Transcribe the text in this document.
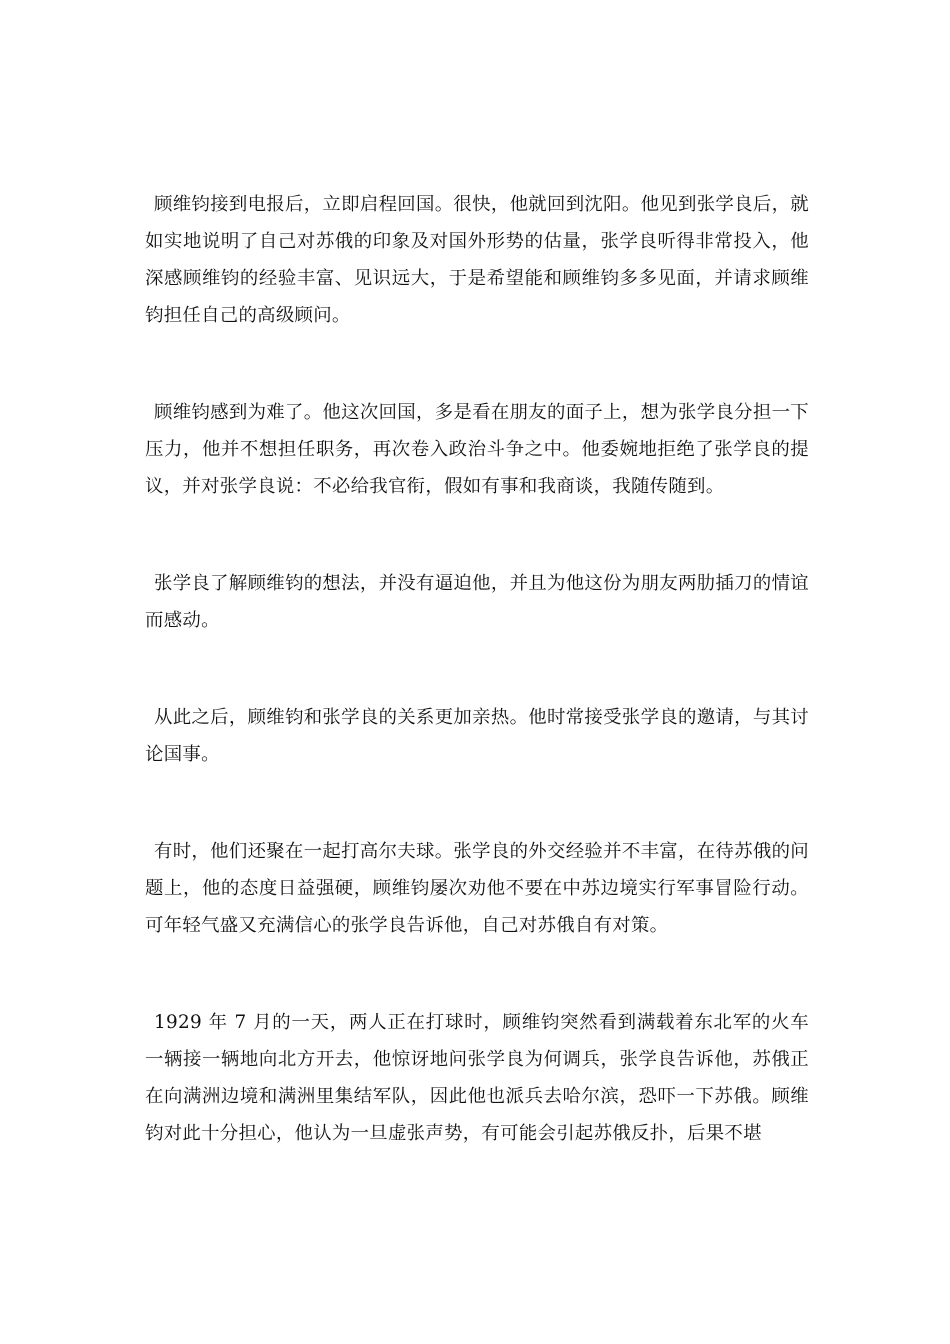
顾维钧接到电报后，立即启程回国。很快，他就回到沈阳。他见到张学良后，就如实地说明了自己对苏俄的印象及对国外形势的估量，张学良听得非常投入，他深感顾维钧的经验丰富、见识远大，于是希望能和顾维钧多多见面，并请求顾维钧担任自己的高级顾问。

顾维钧感到为难了。他这次回国，多是看在朋友的面子上，想为张学良分担一下压力，他并不想担任职务，再次卷入政治斗争之中。他委婉地拒绝了张学良的提议，并对张学良说：不必给我官衔，假如有事和我商谈，我随传随到。

张学良了解顾维钧的想法，并没有逼迫他，并且为他这份为朋友两肋插刀的情谊而感动。

从此之后，顾维钧和张学良的关系更加亲热。他时常接受张学良的邀请，与其讨论国事。

有时，他们还聚在一起打高尔夫球。张学良的外交经验并不丰富，在待苏俄的问题上，他的态度日益强硬，顾维钧屡次劝他不要在中苏边境实行军事冒险行动。可年轻气盛又充满信心的张学良告诉他，自己对苏俄自有对策。

1929 年 7 月的一天，两人正在打球时，顾维钧突然看到满载着东北军的火车一辆接一辆地向北方开去，他惊讶地问张学良为何调兵，张学良告诉他，苏俄正在向满洲边境和满洲里集结军队，因此他也派兵去哈尔滨，恐吓一下苏俄。顾维钧对此十分担心，他认为一旦虚张声势，有可能会引起苏俄反扑，后果不堪
